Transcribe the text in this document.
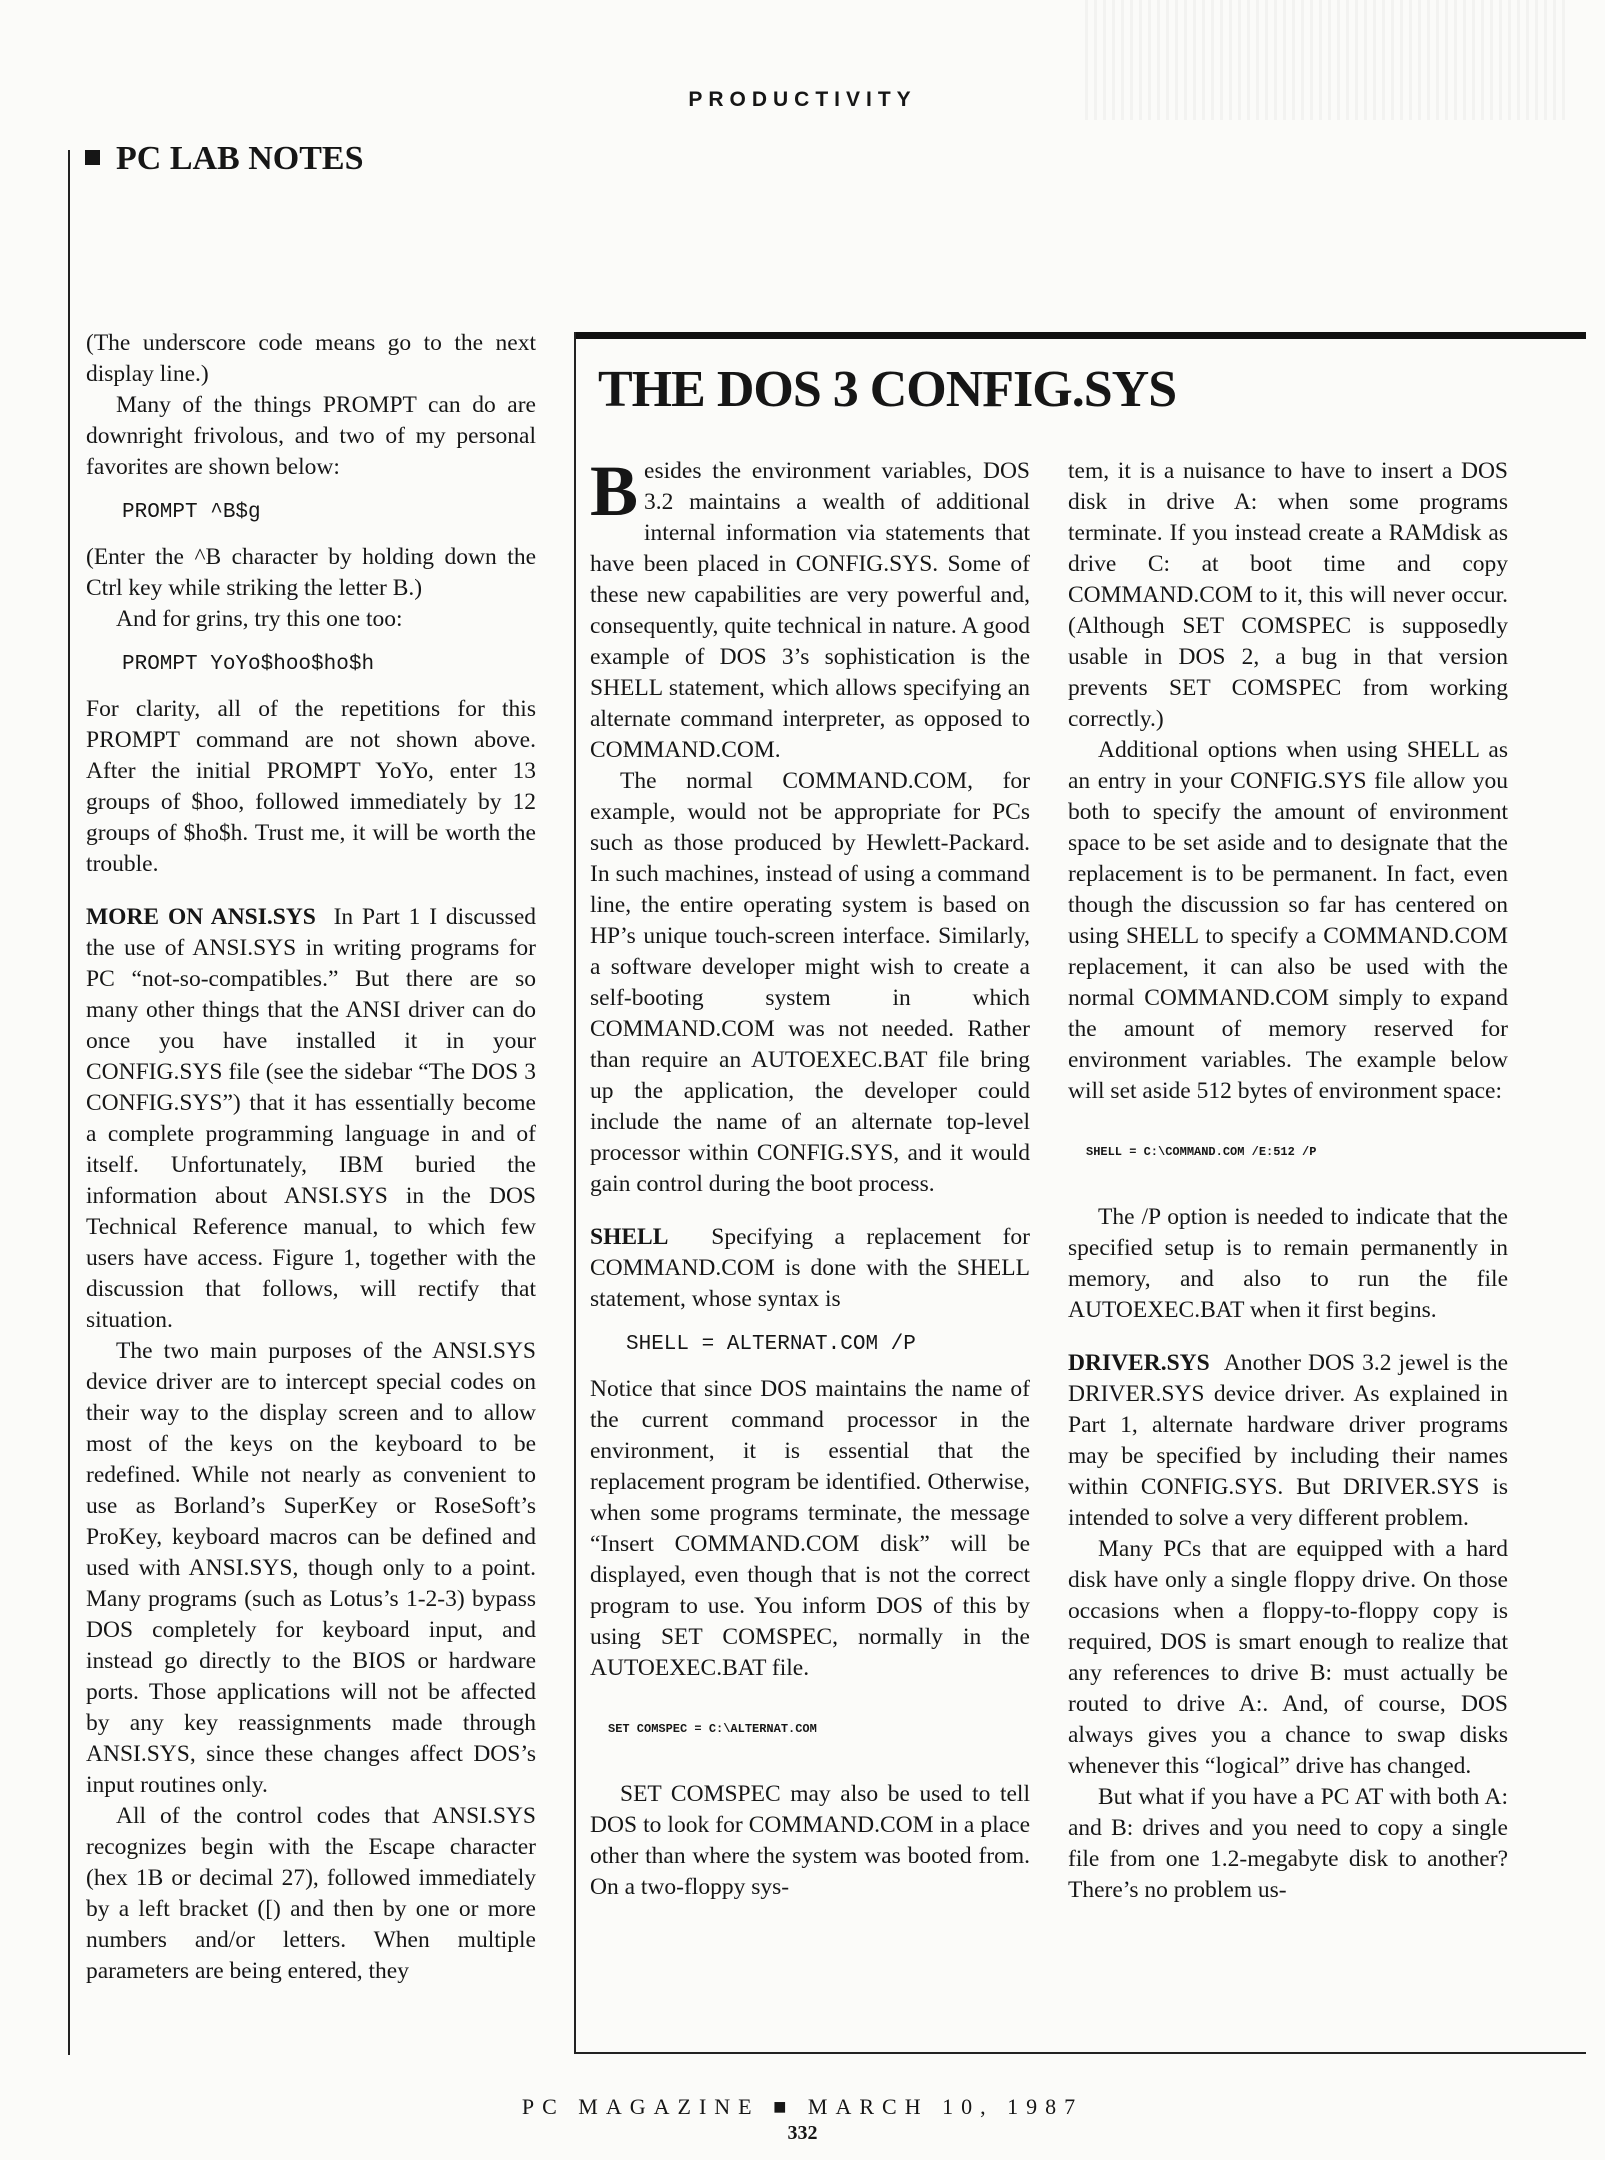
PRODUCTIVITY
PC LAB NOTES

(The underscore code means go to the next display line.)

Many of the things PROMPT can do are downright frivolous, and two of my personal favorites are shown below:

PROMPT ^B$g

(Enter the ^B character by holding down the Ctrl key while striking the letter B.)

And for grins, try this one too:

PROMPT YoYo$hoo$ho$h

For clarity, all of the repetitions for this PROMPT command are not shown above. After the initial PROMPT YoYo, enter 13 groups of $hoo, followed immediately by 12 groups of $ho$h. Trust me, it will be worth the trouble.

MORE ON ANSI.SYS In Part 1 I discussed the use of ANSI.SYS in writing programs for PC “not-so-compatibles.” But there are so many other things that the ANSI driver can do once you have installed it in your CONFIG.SYS file (see the sidebar “The DOS 3 CONFIG.SYS”) that it has essentially become a complete programming language in and of itself. Unfortunately, IBM buried the information about ANSI.SYS in the DOS Technical Reference manual, to which few users have access. Figure 1, together with the discussion that follows, will rectify that situation.

The two main purposes of the ANSI.SYS device driver are to intercept special codes on their way to the display screen and to allow most of the keys on the keyboard to be redefined. While not nearly as convenient to use as Borland’s SuperKey or RoseSoft’s ProKey, keyboard macros can be defined and used with ANSI.SYS, though only to a point. Many programs (such as Lotus’s 1-2-3) bypass DOS completely for keyboard input, and instead go directly to the BIOS or hardware ports. Those applications will not be affected by any key reassignments made through ANSI.SYS, since these changes affect DOS’s input routines only.

All of the control codes that ANSI.SYS recognizes begin with the Escape character (hex 1B or decimal 27), followed immediately by a left bracket ([) and then by one or more numbers and/or letters. When multiple parameters are being entered, they

THE DOS 3 CONFIG.SYS

Besides the environment variables, DOS 3.2 maintains a wealth of additional internal information via statements that have been placed in CONFIG.SYS. Some of these new capabilities are very powerful and, consequently, quite technical in nature. A good example of DOS 3’s sophistication is the SHELL statement, which allows specifying an alternate command interpreter, as opposed to COMMAND.COM.

The normal COMMAND.COM, for example, would not be appropriate for PCs such as those produced by Hewlett-Packard. In such machines, instead of using a command line, the entire operating system is based on HP’s unique touch-screen interface. Similarly, a software developer might wish to create a self-booting system in which COMMAND.COM was not needed. Rather than require an AUTOEXEC.BAT file bring up the application, the developer could include the name of an alternate top-level processor within CONFIG.SYS, and it would gain control during the boot process.

SHELL Specifying a replacement for COMMAND.COM is done with the SHELL statement, whose syntax is

SHELL = ALTERNAT.COM /P

Notice that since DOS maintains the name of the current command processor in the environment, it is essential that the replacement program be identified. Otherwise, when some programs terminate, the message “Insert COMMAND.COM disk” will be displayed, even though that is not the correct program to use. You inform DOS of this by using SET COMSPEC, normally in the AUTOEXEC.BAT file.

SET COMSPEC = C:\ALTERNAT.COM

SET COMSPEC may also be used to tell DOS to look for COMMAND.COM in a place other than where the system was booted from. On a two-floppy sys-

tem, it is a nuisance to have to insert a DOS disk in drive A: when some programs terminate. If you instead create a RAMdisk as drive C: at boot time and copy COMMAND.COM to it, this will never occur. (Although SET COMSPEC is supposedly usable in DOS 2, a bug in that version prevents SET COMSPEC from working correctly.)

Additional options when using SHELL as an entry in your CONFIG.SYS file allow you both to specify the amount of environment space to be set aside and to designate that the replacement is to be permanent. In fact, even though the discussion so far has centered on using SHELL to specify a COMMAND.COM replacement, it can also be used with the normal COMMAND.COM simply to expand the amount of memory reserved for environment variables. The example below will set aside 512 bytes of environment space:

SHELL = C:\COMMAND.COM /E:512 /P

The /P option is needed to indicate that the specified setup is to remain permanently in memory, and also to run the file AUTOEXEC.BAT when it first begins.

DRIVER.SYS Another DOS 3.2 jewel is the DRIVER.SYS device driver. As explained in Part 1, alternate hardware driver programs may be specified by including their names within CONFIG.SYS. But DRIVER.SYS is intended to solve a very different problem.

Many PCs that are equipped with a hard disk have only a single floppy drive. On those occasions when a floppy-to-floppy copy is required, DOS is smart enough to realize that any references to drive B: must actually be routed to drive A:. And, of course, DOS always gives you a chance to swap disks whenever this “logical” drive has changed.

But what if you have a PC AT with both A: and B: drives and you need to copy a single file from one 1.2-megabyte disk to another? There’s no problem us-

PC MAGAZINE ■ MARCH 10, 1987
332
